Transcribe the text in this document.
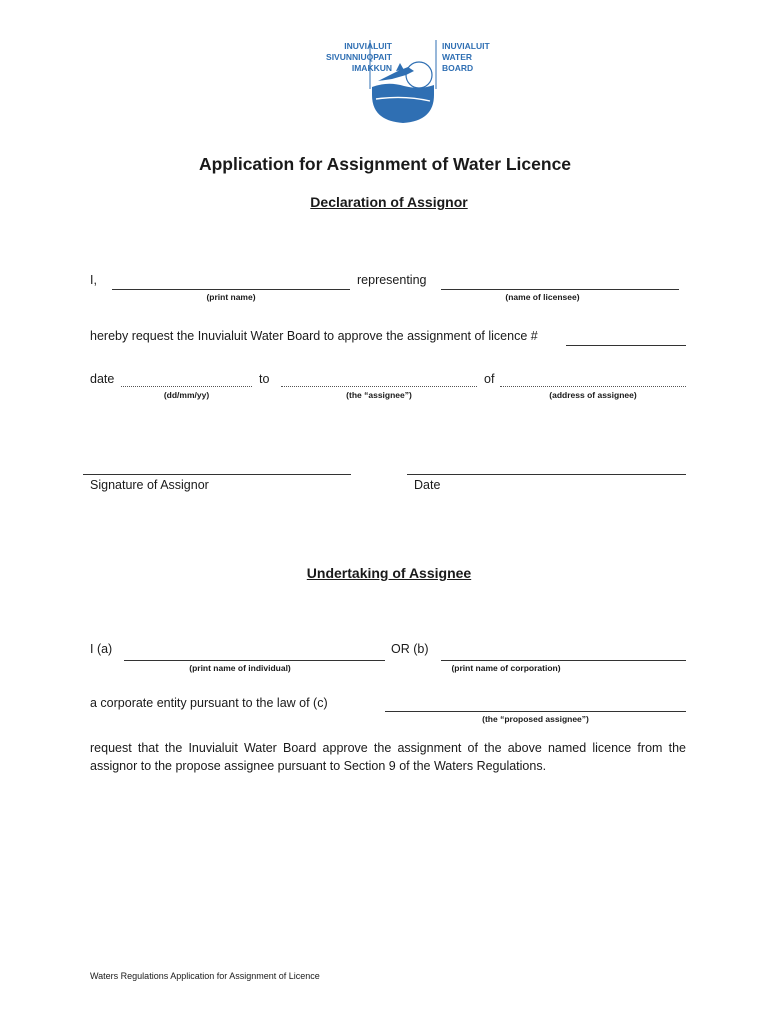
INUVIALUIT
SIVUNNIUQPAIT
IMAKKUN
INUVIALUIT
WATER
BOARD
Application for Assignment of Water Licence
Declaration of Assignor
I,
(print name)
representing
(name of licensee)
hereby request the Inuvialuit Water Board to approve the assignment of licence #
date
(dd/mm/yy)
to
(the “assignee”)
of
(address of assignee)
Signature of Assignor	Date
Undertaking of Assignee
I (a)
(print name of individual)
OR (b)
(print name of corporation)
a corporate entity pursuant to the law of (c)
(the “proposed assignee”)
request that the Inuvialuit Water Board approve the assignment of the above named licence from the assignor to the propose assignee pursuant to Section 9 of the Waters Regulations.
Waters Regulations Application for Assignment of Licence
